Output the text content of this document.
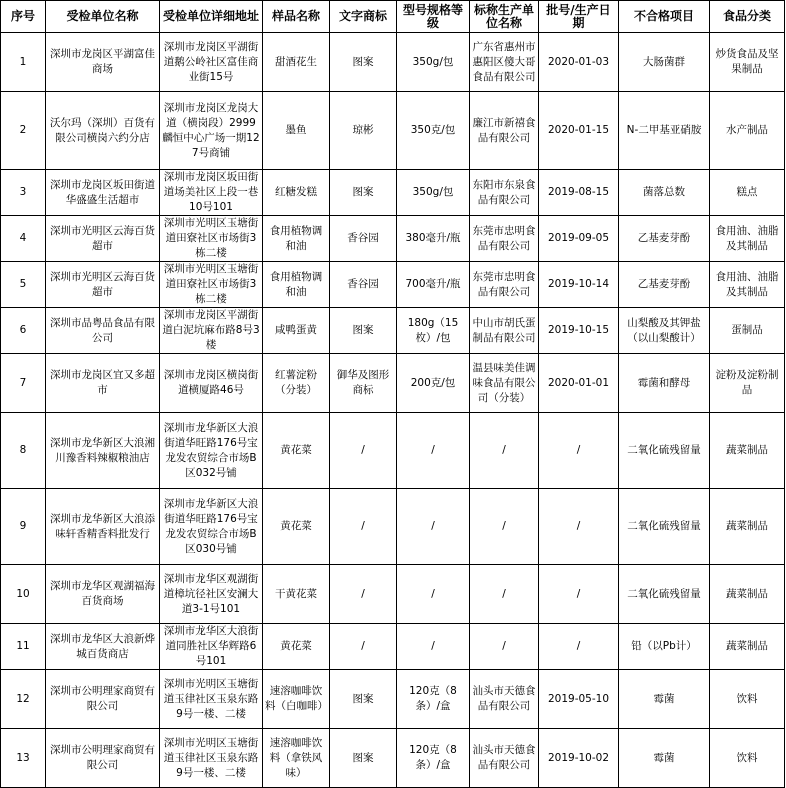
序号	受检单位名称	受检单位详细地址	样品名称	文字商标	型号规格等级	标称生产单位名称	批号/生产日期	不合格项目	食品分类
1	深圳市龙岗区平湖富佳商场	深圳市龙岗区平湖街道鹅公岭社区富佳商业街15号	甜酒花生	图案	350g/包	广东省惠州市惠阳区傻大哥食品有限公司	2020-01-03	大肠菌群	炒货食品及坚果制品
2	沃尔玛（深圳）百货有限公司横岗六约分店	深圳市龙岗区龙岗大道（横岗段）2999麟恒中心广场一期127号商铺	墨鱼	琼彬	350克/包	廉江市新禧食品有限公司	2020-01-15	N-二甲基亚硝胺	水产制品
3	深圳市龙岗区坂田街道华盛盛生活超市	深圳市龙岗区坂田街道场美社区上段一巷10号101	红糖发糕	图案	350g/包	东阳市东泉食品有限公司	2019-08-15	菌落总数	糕点
4	深圳市光明区云海百货超市	深圳市光明区玉塘街道田寮社区市场街3栋二楼	食用植物调和油	香谷园	380毫升/瓶	东莞市忠明食品有限公司	2019-09-05	乙基麦芽酚	食用油、油脂及其制品
5	深圳市光明区云海百货超市	深圳市光明区玉塘街道田寮社区市场街3栋二楼	食用植物调和油	香谷园	700毫升/瓶	东莞市忠明食品有限公司	2019-10-14	乙基麦芽酚	食用油、油脂及其制品
6	深圳市品粤品食品有限公司	深圳市龙岗区平湖街道白泥坑麻布路8号3楼	咸鸭蛋黄	图案	180g（15枚）/包	中山市胡氏蛋制品有限公司	2019-10-15	山梨酸及其钾盐（以山梨酸计）	蛋制品
7	深圳市龙岗区宜又多超市	深圳市龙岗区横岗街道横厦路46号	红薯淀粉（分装）	御华及图形商标	200克/包	温县味美佳调味食品有限公司（分装）	2020-01-01	霉菌和酵母	淀粉及淀粉制品
8	深圳市龙华新区大浪湘川豫香料辣椒粮油店	深圳市龙华新区大浪街道华旺路176号宝龙发农贸综合市场B区032号铺	黄花菜	/	/	/	/	二氧化硫残留量	蔬菜制品
9	深圳市龙华新区大浪添味轩香精香料批发行	深圳市龙华新区大浪街道华旺路176号宝龙发农贸综合市场B区030号铺	黄花菜	/	/	/	/	二氧化硫残留量	蔬菜制品
10	深圳市龙华区观湖福海百货商场	深圳市龙华区观湖街道樟坑径社区安澜大道3-1号101	干黄花菜	/	/	/	/	二氧化硫残留量	蔬菜制品
11	深圳市龙华区大浪新烨城百货商店	深圳市龙华区大浪街道同胜社区华辉路6号101	黄花菜	/	/	/	/	铅（以Pb计）	蔬菜制品
12	深圳市公明理家商贸有限公司	深圳市光明区玉塘街道玉律社区玉泉东路9号一楼、二楼	速溶咖啡饮料（白咖啡）	图案	120克（8条）/盒	汕头市天德食品有限公司	2019-05-10	霉菌	饮料
13	深圳市公明理家商贸有限公司	深圳市光明区玉塘街道玉律社区玉泉东路9号一楼、二楼	速溶咖啡饮料（拿铁风味）	图案	120克（8条）/盒	汕头市天德食品有限公司	2019-10-02	霉菌	饮料
